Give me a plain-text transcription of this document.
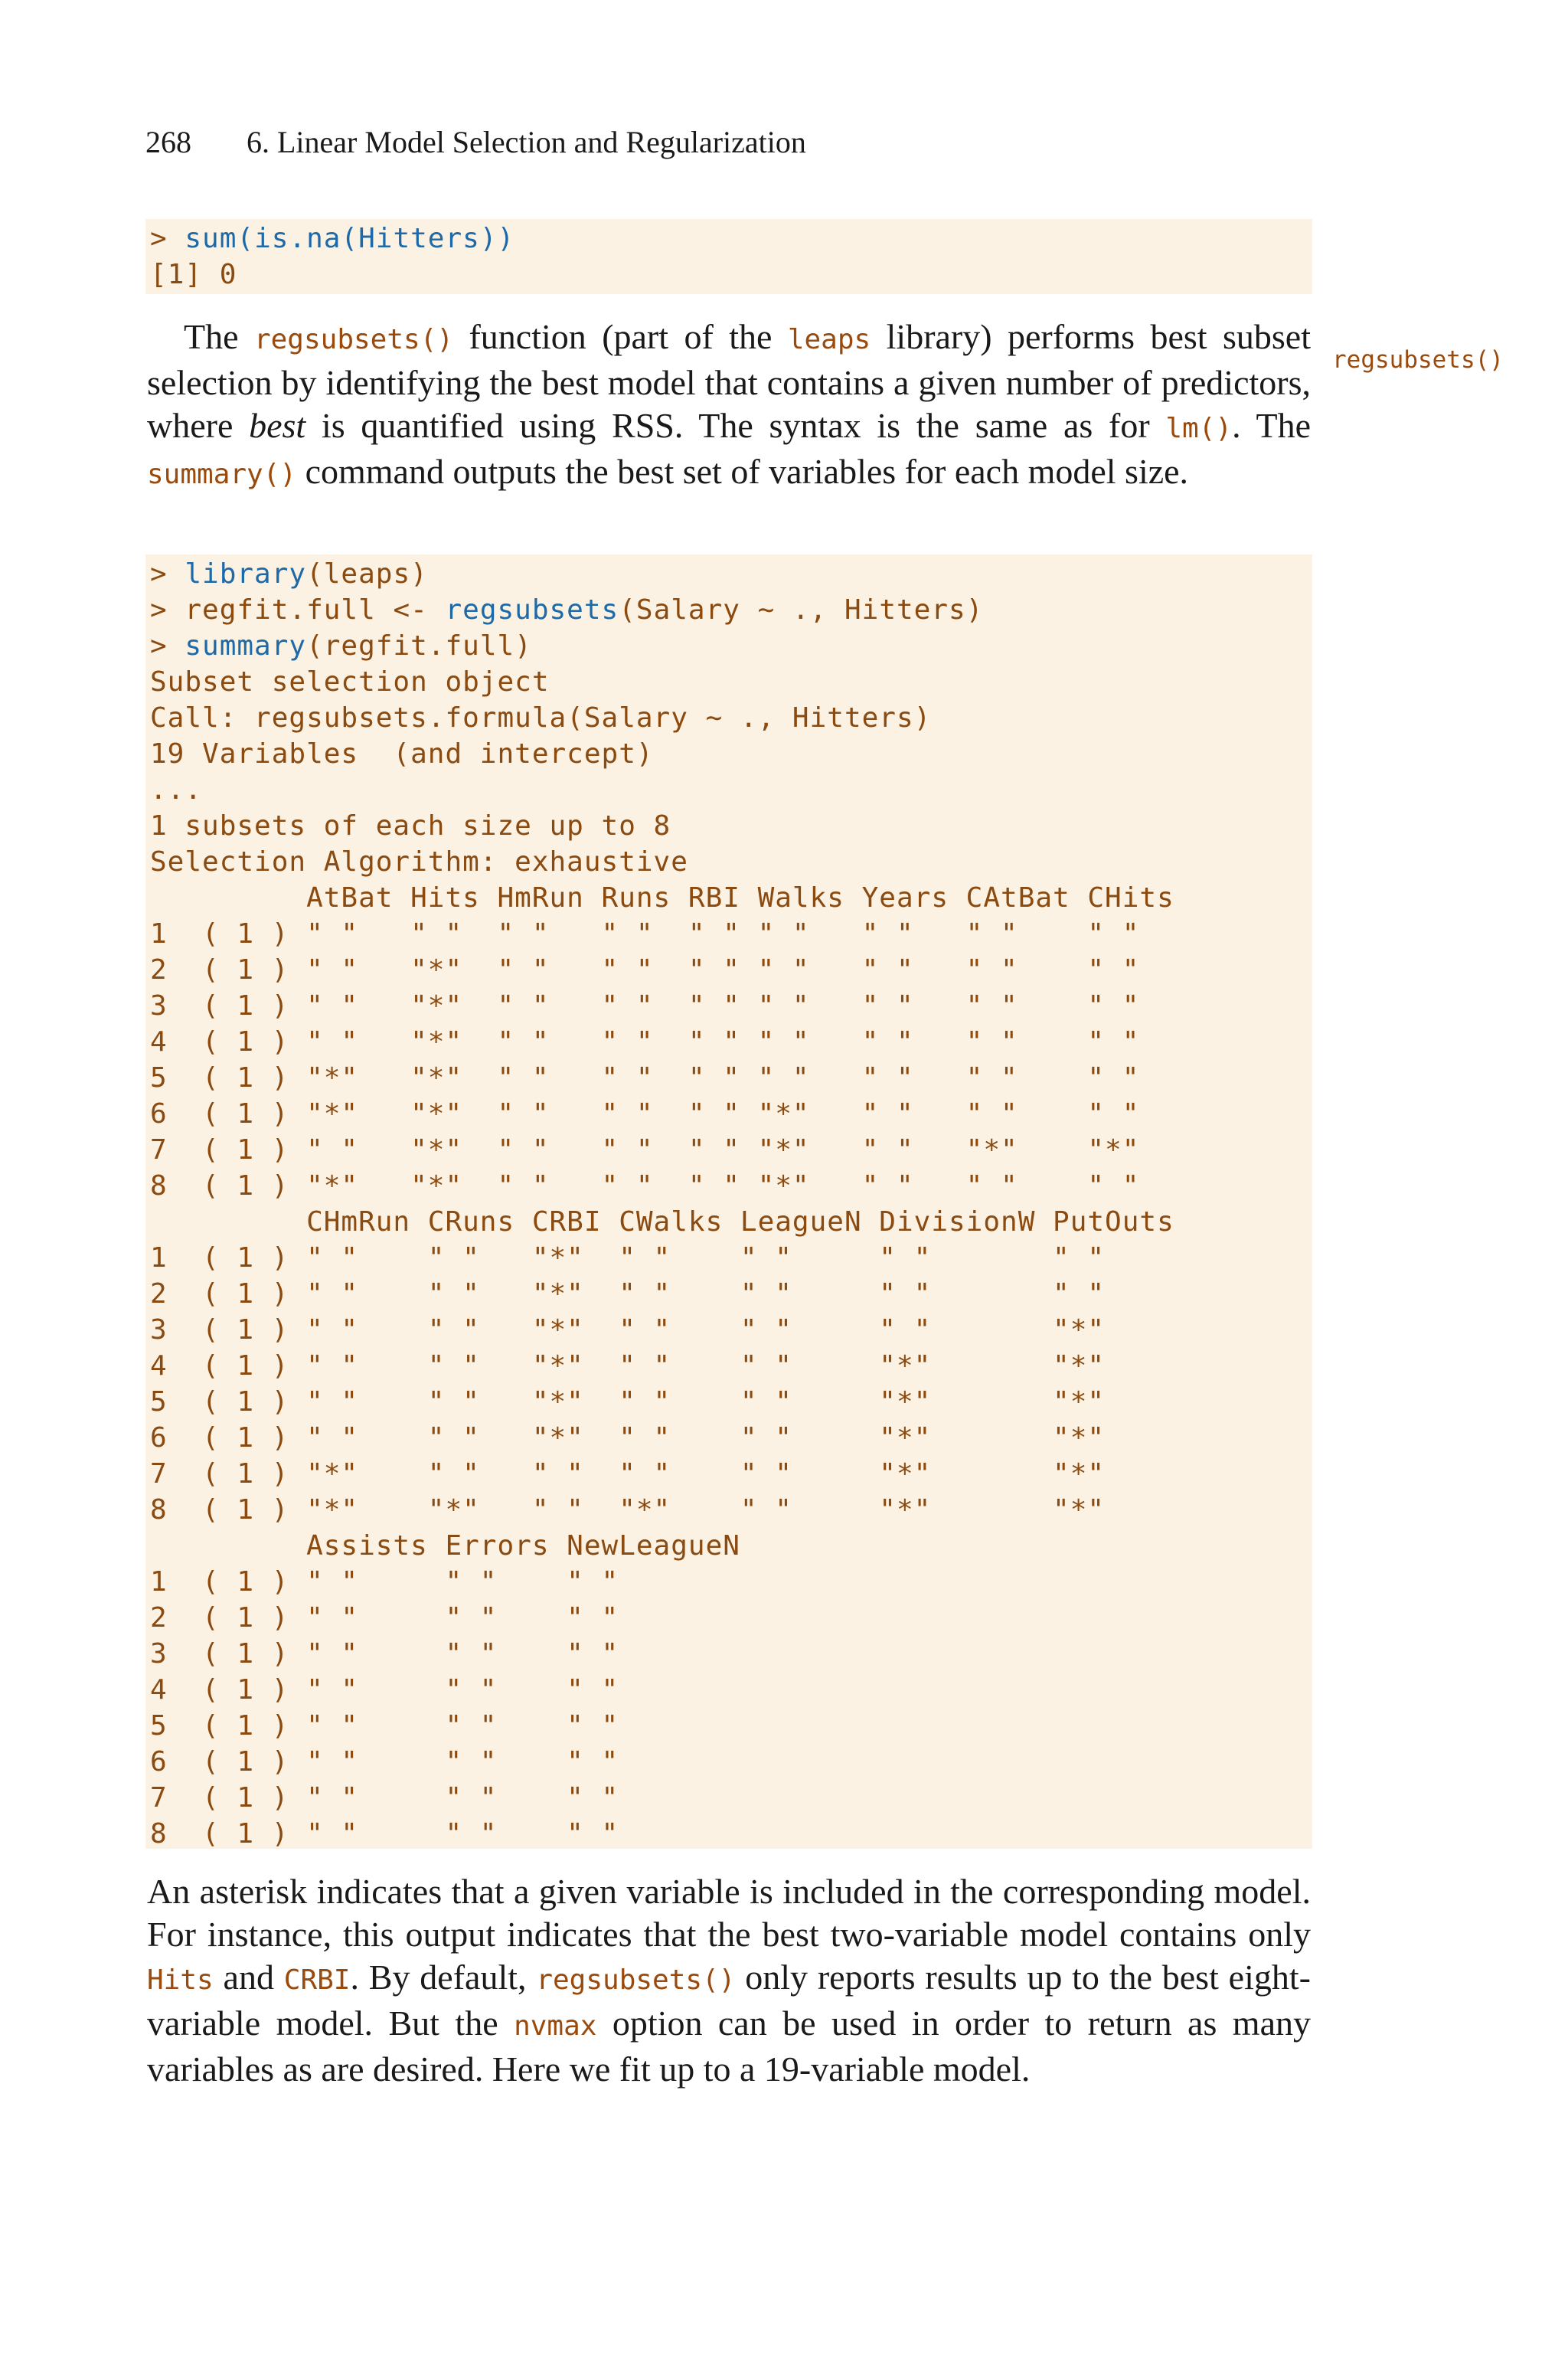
268 6. Linear Model Selection and Regularization
> sum(is.na(Hitters))
[1] 0
The regsubsets() function (part of the leaps library) performs best subset selection by identifying the best model that contains a given number of predictors, where best is quantified using RSS. The syntax is the same as for lm(). The summary() command outputs the best set of variables for each model size.
regsubsets()
> library(leaps)
> regfit.full <- regsubsets(Salary ∼ ., Hitters)
> summary(regfit.full)
Subset selection object
Call: regsubsets.formula(Salary ∼ ., Hitters)
19 Variables  (and intercept)
...
1 subsets of each size up to 8
Selection Algorithm: exhaustive
AtBat Hits HmRun Runs RBI Walks Years CAtBat CHits
1  ( 1 ) " "   " "  " "   " "  " " " "   " "   " "    " "
2  ( 1 ) " "   "*"  " "   " "  " " " "   " "   " "    " "
3  ( 1 ) " "   "*"  " "   " "  " " " "   " "   " "    " "
4  ( 1 ) " "   "*"  " "   " "  " " " "   " "   " "    " "
5  ( 1 ) "*"   "*"  " "   " "  " " " "   " "   " "    " "
6  ( 1 ) "*"   "*"  " "   " "  " " "*"   " "   " "    " "
7  ( 1 ) " "   "*"  " "   " "  " " "*"   " "   "*"    "*"
8  ( 1 ) "*"   "*"  " "   " "  " " "*"   " "   " "    " "
CHmRun CRuns CRBI CWalks LeagueN DivisionW PutOuts
1  ( 1 ) " "    " "   "*"  " "    " "     " "       " "
2  ( 1 ) " "    " "   "*"  " "    " "     " "       " "
3  ( 1 ) " "    " "   "*"  " "    " "     " "       "*"
4  ( 1 ) " "    " "   "*"  " "    " "     "*"       "*"
5  ( 1 ) " "    " "   "*"  " "    " "     "*"       "*"
6  ( 1 ) " "    " "   "*"  " "    " "     "*"       "*"
7  ( 1 ) "*"    " "   " "  " "    " "     "*"       "*"
8  ( 1 ) "*"    "*"   " "  "*"    " "     "*"       "*"
Assists Errors NewLeagueN
1  ( 1 ) " "     " "    " "
2  ( 1 ) " "     " "    " "
3  ( 1 ) " "     " "    " "
4  ( 1 ) " "     " "    " "
5  ( 1 ) " "     " "    " "
6  ( 1 ) " "     " "    " "
7  ( 1 ) " "     " "    " "
8  ( 1 ) " "     " "    " "
An asterisk indicates that a given variable is included in the corresponding model. For instance, this output indicates that the best two-variable model contains only Hits and CRBI. By default, regsubsets() only reports results up to the best eight-variable model. But the nvmax option can be used in order to return as many variables as are desired. Here we fit up to a 19-variable model.
